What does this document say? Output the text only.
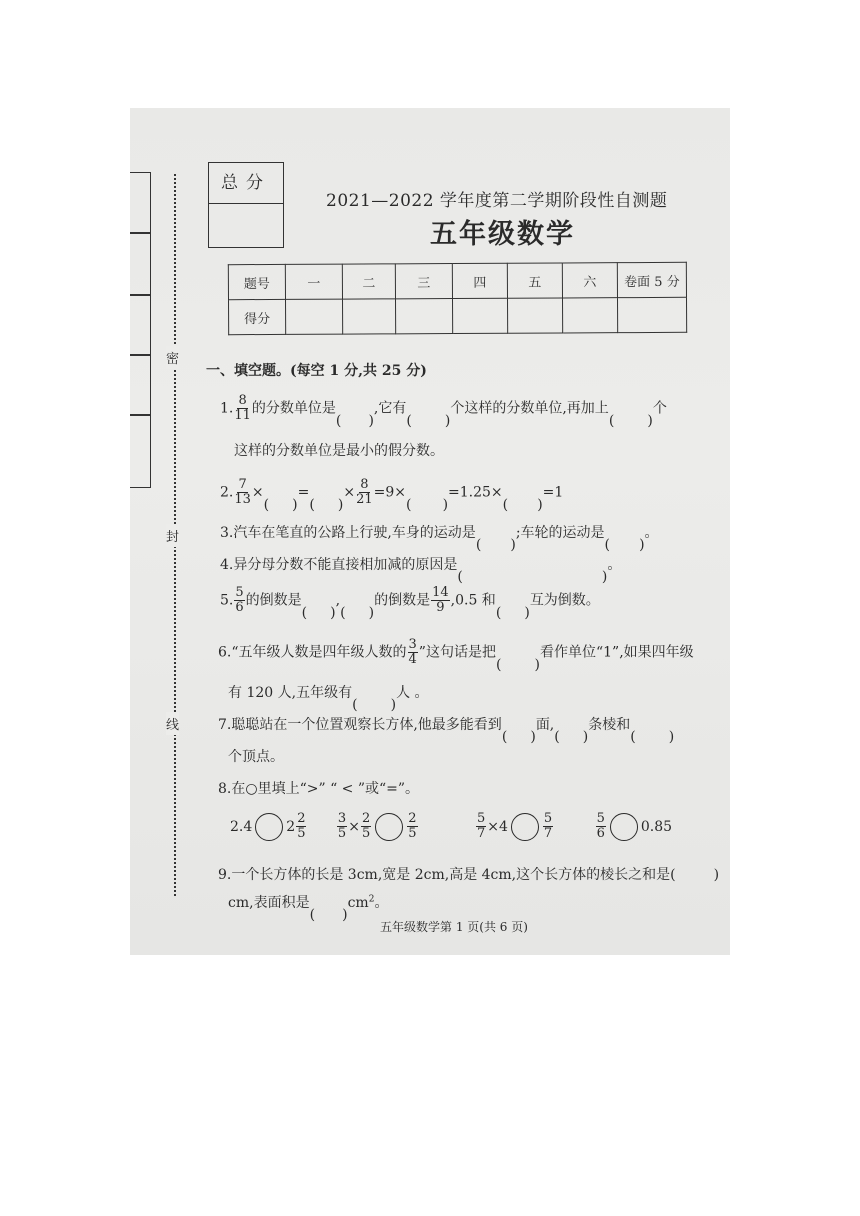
密
封
线
总分
2021—2022 学年度第二学期阶段性自测题
五年级数学
题号	一	二	三	四	五	六	卷面 5 分
得分							
一、填空题。(每空 1 分,共 25 分)
1. $\frac{8}{11}$ 的分数单位是	,它有	个这样的分数单位,再加上	个
这样的分数单位是最小的假分数。
2. $\frac{7}{13}$ × = × $\frac{8}{21} =9\times$	=1.25×	=1
3.汽车在笔直的公路上行驶,车身的运动是	;车轮的运动是	。
4.异分母分数不能直接相加减的原因是	。
5. $\frac{5}{6}$ 的倒数是 , 的倒数是 $\frac{14}{9} ,0.5$ 和 互为倒数。
6.“五年级人数是四年级人数的 $\frac{3}{4}$ ”这句话是把	看作单位“1”,如果四年级
有 120 人,五年级有	人 。
7.聪聪站在一个位置观察长方体,他最多能看到 面, 条棱和
个顶点。
8.在○里填上“>” “ < ”或“=”。
2.4 $2 \frac{2}{5}$
$\frac{3}{5} \times \frac{2}{5}$	$\frac{2}{5}$
	$\frac{5}{7} \times 4$	$\frac{5}{7}$
	$\frac{5}{6}$	0.85
9.一个长方体的长是 3cm,宽是 2cm,高是 4cm,这个长方体的棱长之和是(	)
cm,表面积是	$cm^2$。
五年级数学第 1 页(共 6 页)
